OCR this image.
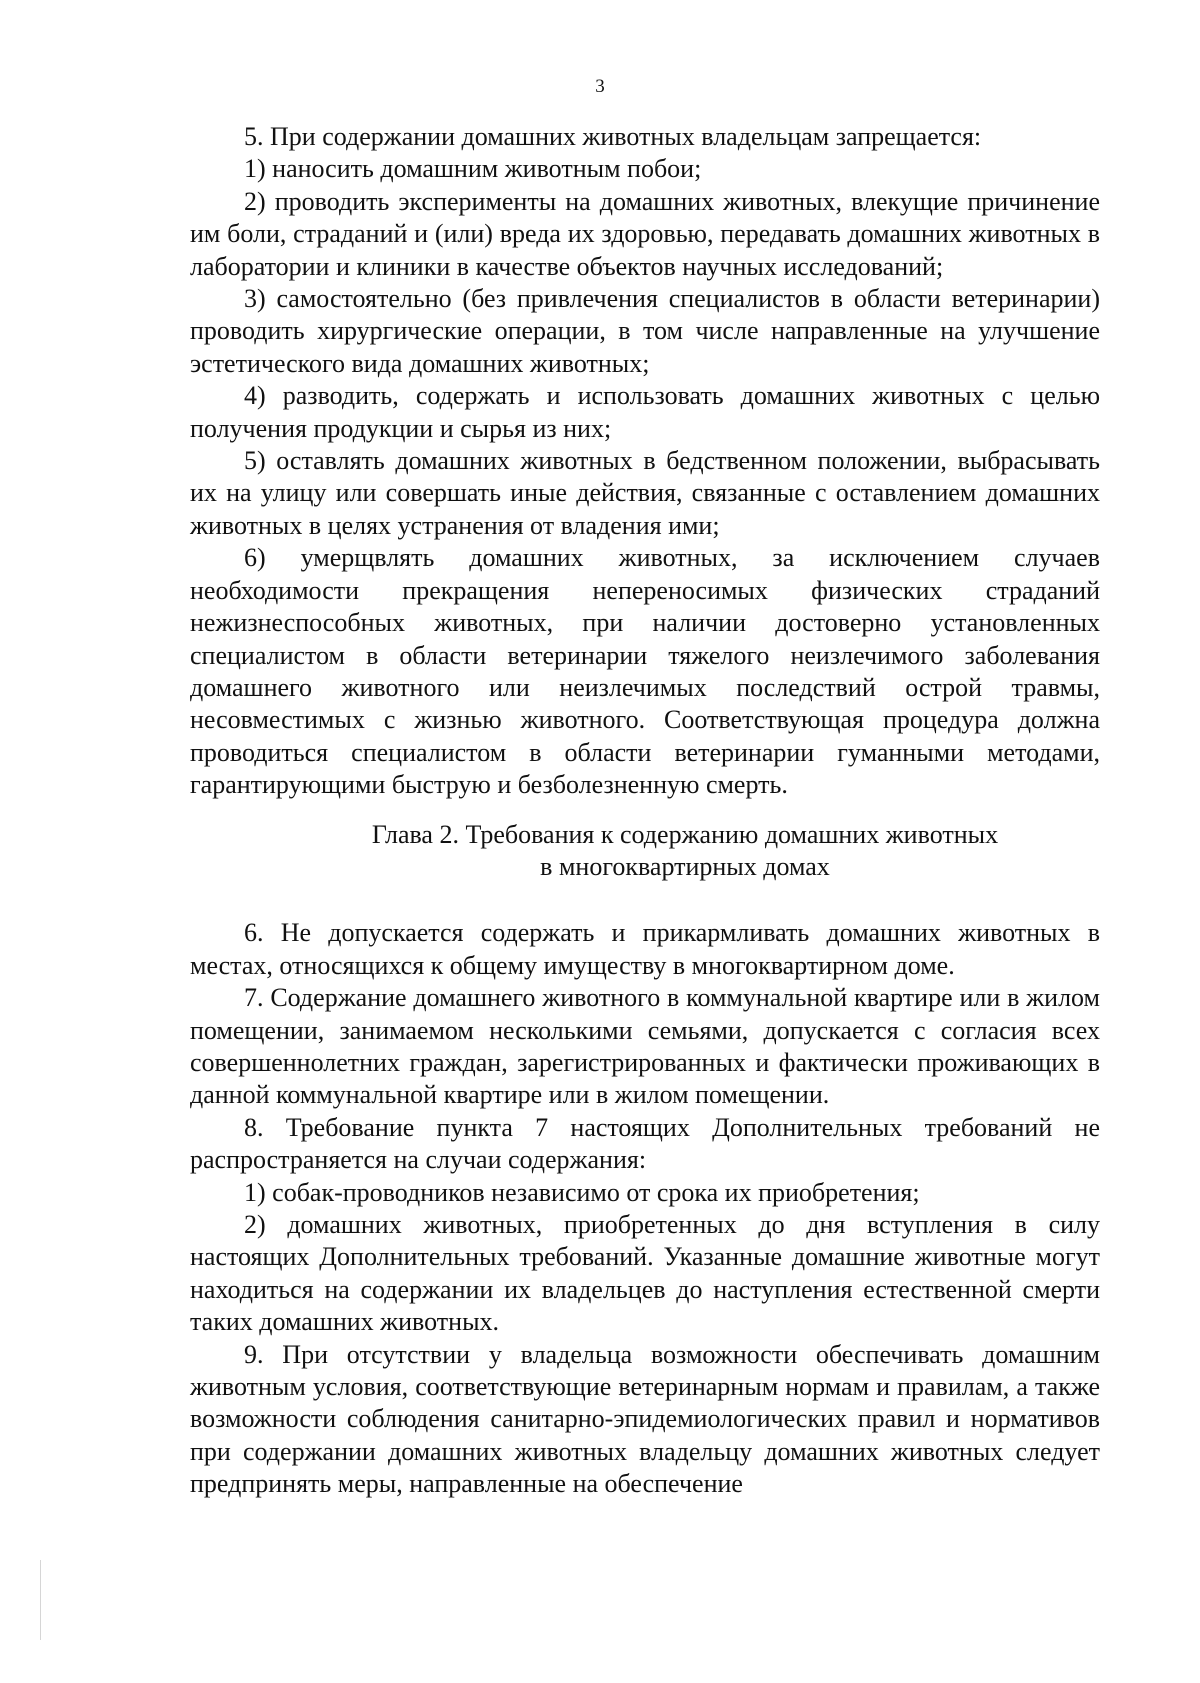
3

5. При содержании домашних животных владельцам запрещается:

1) наносить домашним животным побои;

2) проводить эксперименты на домашних животных, влекущие причинение им боли, страданий и (или) вреда их здоровью, передавать домашних животных в лаборатории и клиники в качестве объектов научных исследований;

3) самостоятельно (без привлечения специалистов в области ветеринарии) проводить хирургические операции, в том числе направленные на улучшение эстетического вида домашних животных;

4) разводить, содержать и использовать домашних животных с целью получения продукции и сырья из них;

5) оставлять домашних животных в бедственном положении, выбрасывать их на улицу или совершать иные действия, связанные с оставлением домашних животных в целях устранения от владения ими;

6) умерщвлять домашних животных, за исключением случаев необходимости прекращения непереносимых физических страданий нежизнеспособных животных, при наличии достоверно установленных специалистом в области ветеринарии тяжелого неизлечимого заболевания домашнего животного или неизлечимых последствий острой травмы, несовместимых с жизнью животного. Соответствующая процедура должна проводиться специалистом в области ветеринарии гуманными методами, гарантирующими быструю и безболезненную смерть.

Глава 2. Требования к содержанию домашних животных
в многоквартирных домах

6. Не допускается содержать и прикармливать домашних животных в местах, относящихся к общему имуществу в многоквартирном доме.

7. Содержание домашнего животного в коммунальной квартире или в жилом помещении, занимаемом несколькими семьями, допускается с согласия всех совершеннолетних граждан, зарегистрированных и фактически проживающих в данной коммунальной квартире или в жилом помещении.

8. Требование пункта 7 настоящих Дополнительных требований не распространяется на случаи содержания:

1) собак-проводников независимо от срока их приобретения;

2) домашних животных, приобретенных до дня вступления в силу настоящих Дополнительных требований. Указанные домашние животные могут находиться на содержании их владельцев до наступления естественной смерти таких домашних животных.

9. При отсутствии у владельца возможности обеспечивать домашним животным условия, соответствующие ветеринарным нормам и правилам, а также возможности соблюдения санитарно-эпидемиологических правил и нормативов при содержании домашних животных владельцу домашних животных следует предпринять меры, направленные на обеспечение
